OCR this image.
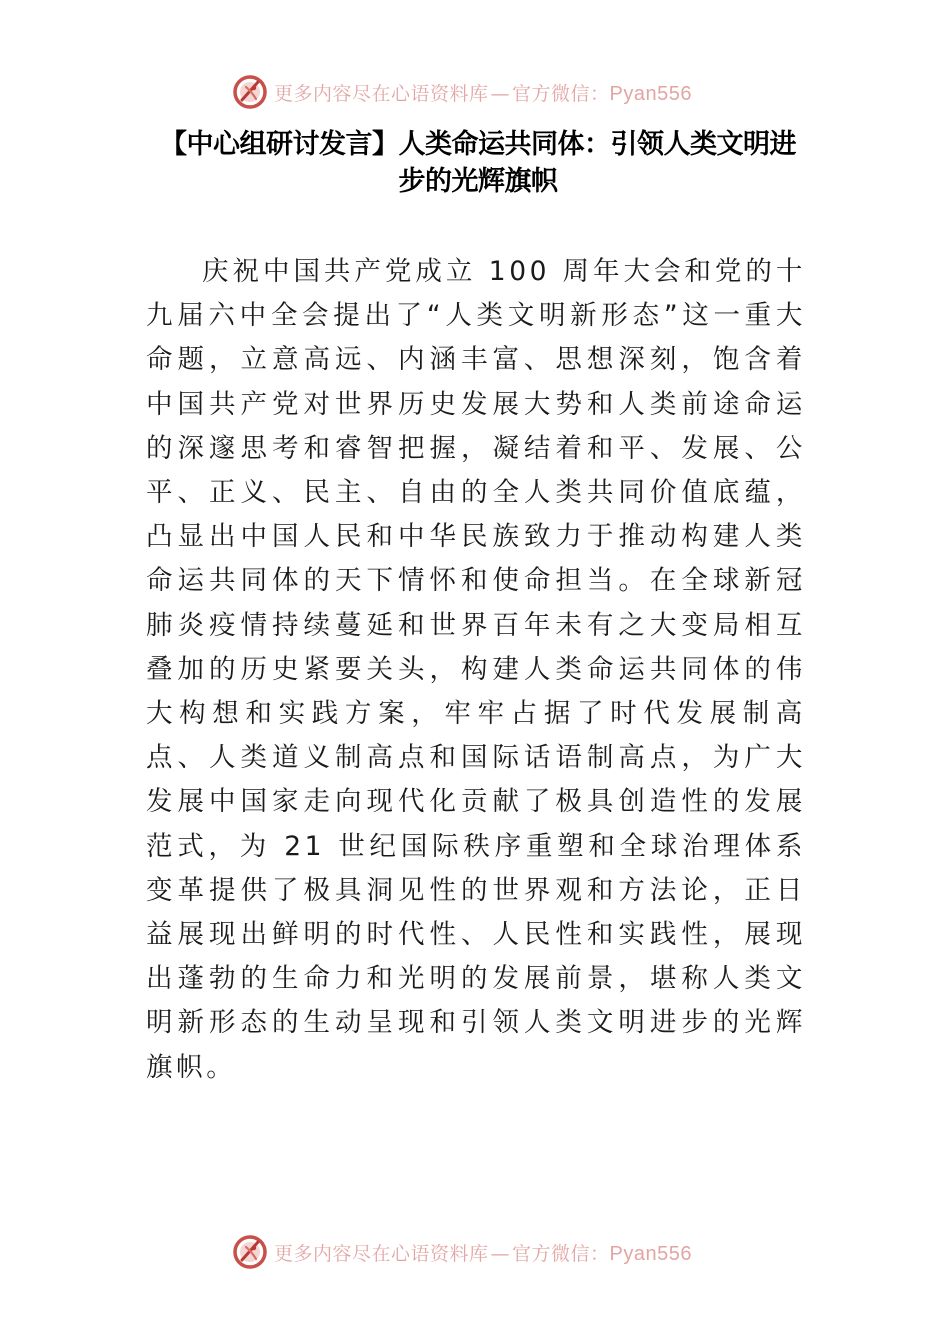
更多内容尽在心语资料库 — 官方微信：Pyan556
【中心组研讨发言】人类命运共同体：引领人类文明进步的光辉旗帜

庆祝中国共产党成立 100 周年大会和党的十九届六中全会提出了“人类文明新形态”这一重大命题，立意高远、内涵丰富、思想深刻，饱含着中国共产党对世界历史发展大势和人类前途命运的深邃思考和睿智把握，凝结着和平、发展、公平、正义、民主、自由的全人类共同价值底蕴，凸显出中国人民和中华民族致力于推动构建人类命运共同体的天下情怀和使命担当。在全球新冠肺炎疫情持续蔓延和世界百年未有之大变局相互叠加的历史紧要关头，构建人类命运共同体的伟大构想和实践方案，牢牢占据了时代发展制高点、人类道义制高点和国际话语制高点，为广大发展中国家走向现代化贡献了极具创造性的发展范式，为 21 世纪国际秩序重塑和全球治理体系变革提供了极具洞见性的世界观和方法论，正日益展现出鲜明的时代性、人民性和实践性，展现出蓬勃的生命力和光明的发展前景，堪称人类文明新形态的生动呈现和引领人类文明进步的光辉旗帜。

更多内容尽在心语资料库 — 官方微信：Pyan556
